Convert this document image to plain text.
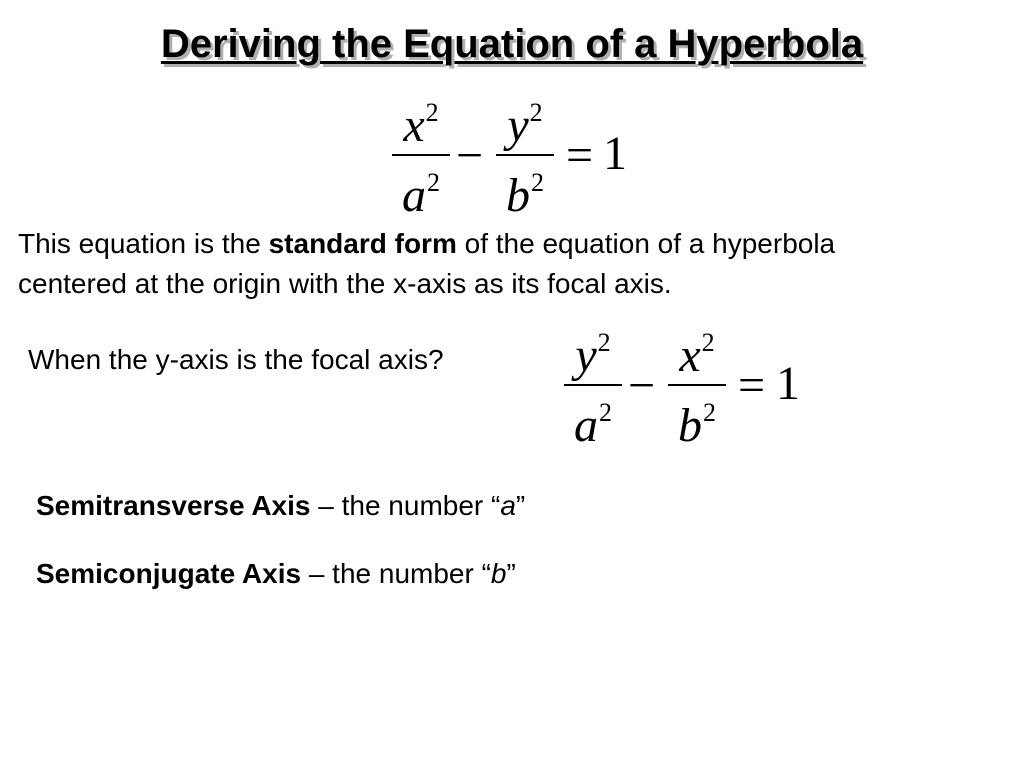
Deriving the Equation of a Hyperbola
$x^2$
$a^2$
−
$y^2$
$b^2$
= 1

This equation is the standard form of the equation of a hyperbola
centered at the origin with the x-axis as its focal axis.

When the y-axis is the focal axis?	$y^2$
$a^2$
−
$x^2$
$b^2$
= 1
Semitransverse Axis – the number “a”
Semiconjugate Axis – the number “b”
